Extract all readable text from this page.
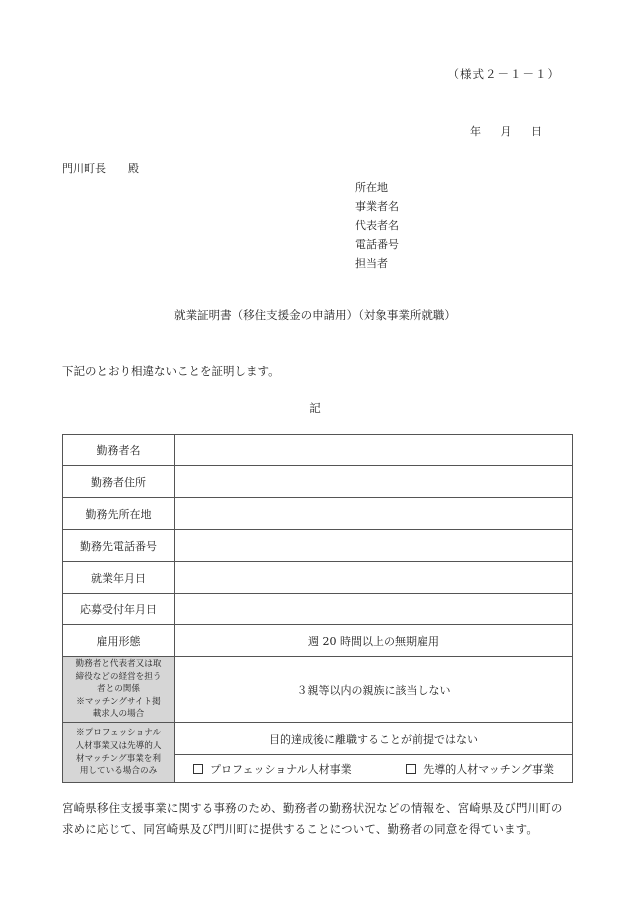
（様式２－１－１）
年 月 日
門川町長 殿
所在地
事業者名
代表者名
電話番号
担当者
就業証明書（移住支援金の申請用）（対象事業所就職）
下記のとおり相違ないことを証明します。
記
勤務者名	
勤務者住所	
勤務先所在地	
勤務先電話番号	
就業年月日	
応募受付年月日	
雇用形態	週 20 時間以上の無期雇用

勤務者と代表者又は取
締役などの経営を担う
者との関係
※マッチングサイト掲
載求人の場合	３親等以内の親族に該当しない

※プロフェッショナル
人材事業又は先導的人
材マッチング事業を利
用している場合のみ	目的達成後に離職することが前提ではない

	プロフェッショナル人材事業 先導的人材マッチング事業
宮崎県移住支援事業に関する事務のため、勤務者の勤務状況などの情報を、宮崎県及び門川町の
求めに応じて、同宮崎県及び門川町に提供することについて、勤務者の同意を得ています。
